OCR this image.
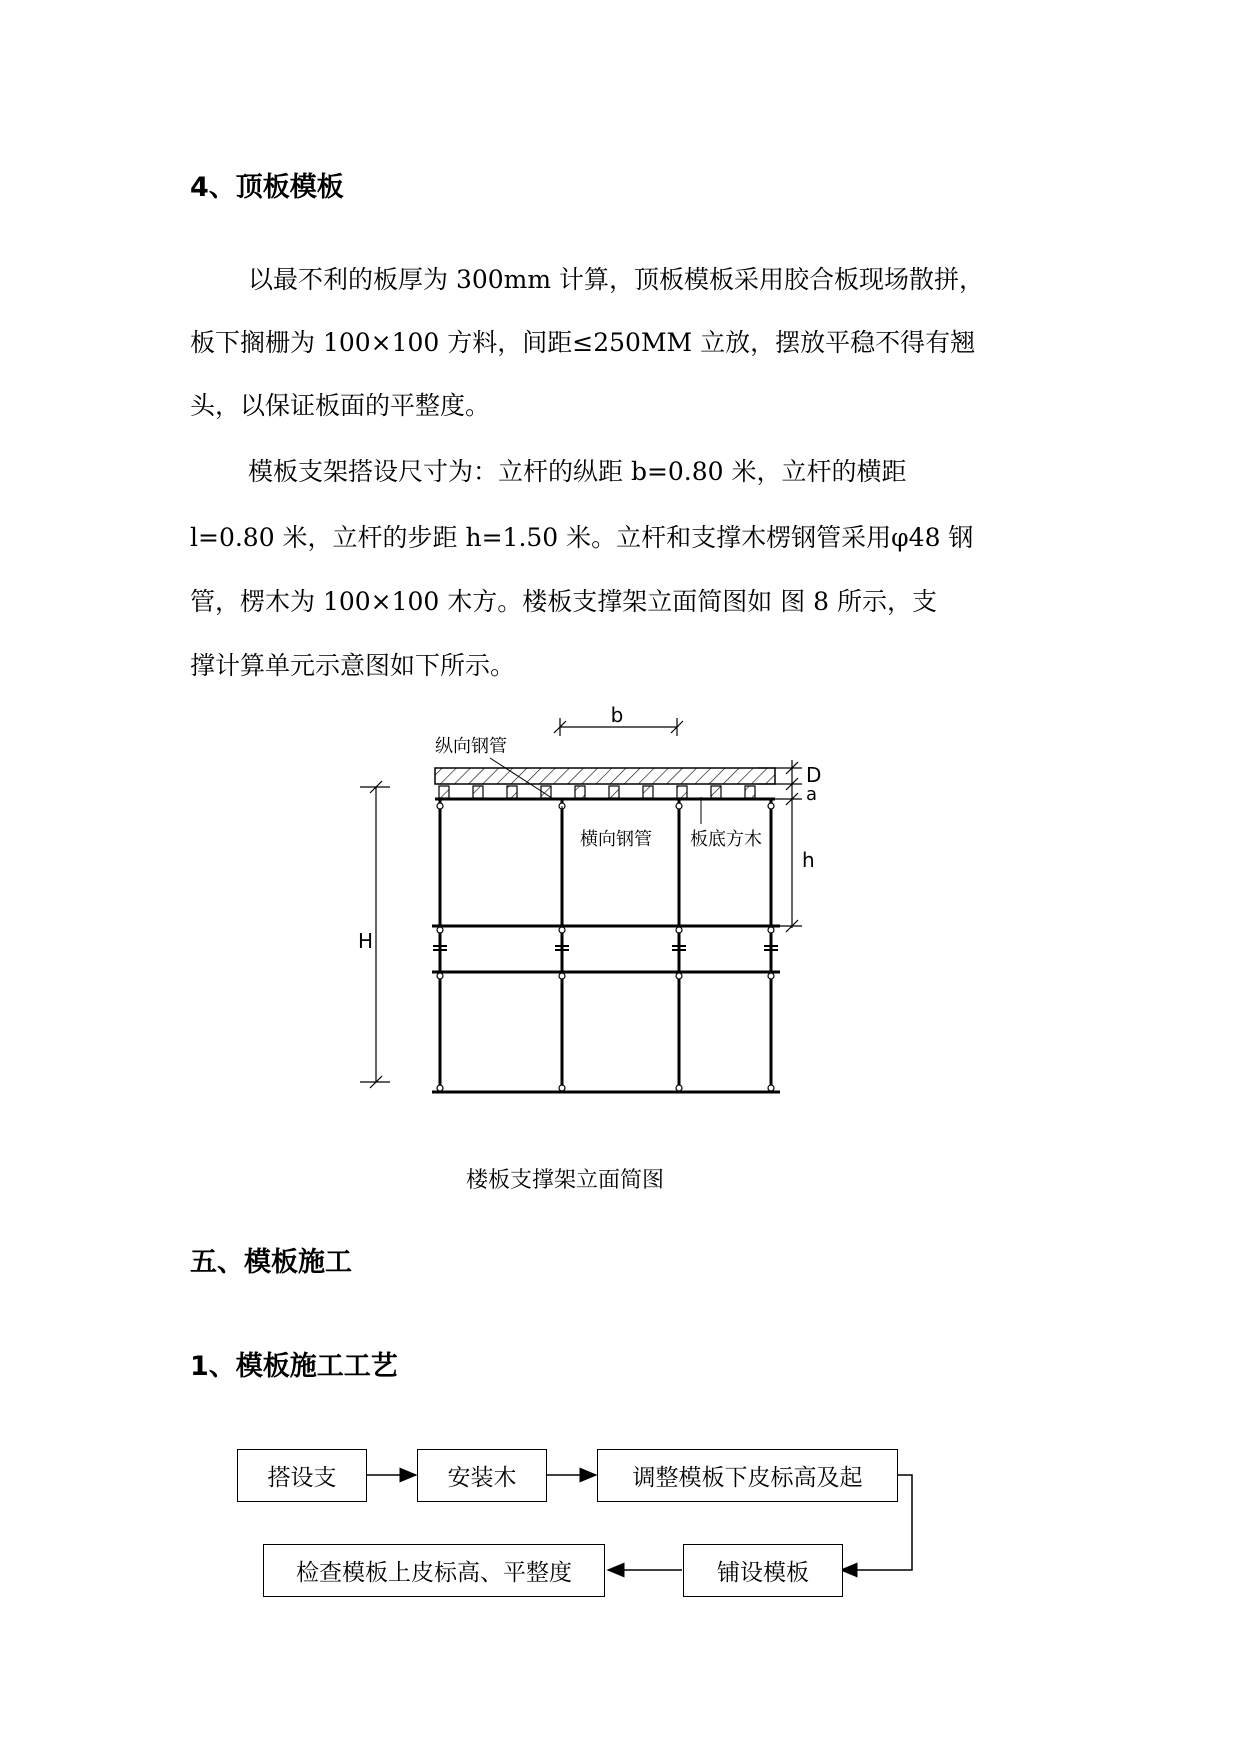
4、顶板模板
以最不利的板厚为 300mm 计算，顶板模板采用胶合板现场散拼，
板下搁栅为 100×100 方料，间距≤250MM 立放，摆放平稳不得有翘
头，以保证板面的平整度。
模板支架搭设尺寸为：立杆的纵距 b=0.80 米，立杆的横距
l=0.80 米，立杆的步距 h=1.50 米。立杆和支撑木楞钢管采用φ48 钢
管，楞木为 100×100 木方。楼板支撑架立面简图如 图 8 所示，支
撑计算单元示意图如下所示。
b
纵向钢管
横向钢管 板底方木
D
a
h
H
楼板支撑架立面简图
五、模板施工
1、模板施工工艺
搭设支	安装木	调整模板下皮标高及起
铺设模板
检查模板上皮标高、平整度
